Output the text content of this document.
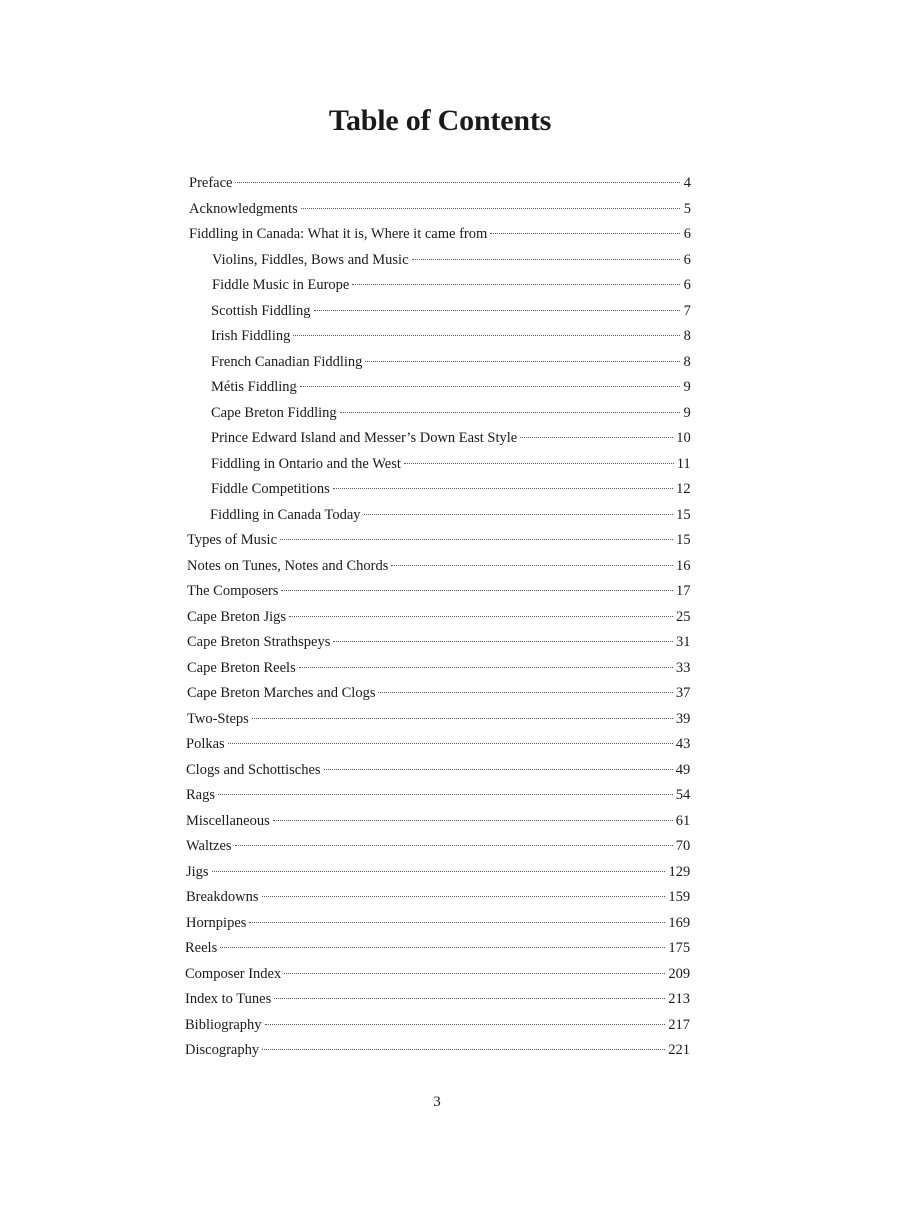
Table of Contents
Preface	4
Acknowledgments	5
Fiddling in Canada: What it is, Where it came from	6
Violins, Fiddles, Bows and Music	6
Fiddle Music in Europe	6
Scottish Fiddling	7
Irish Fiddling	8
French Canadian Fiddling	8
Métis Fiddling	9
Cape Breton Fiddling	9
Prince Edward Island and Messer’s Down East Style	10
Fiddling in Ontario and the West	11
Fiddle Competitions	12
Fiddling in Canada Today	15
Types of Music	15
Notes on Tunes, Notes and Chords	16
The Composers	17
Cape Breton Jigs	25
Cape Breton Strathspeys	31
Cape Breton Reels	33
Cape Breton Marches and Clogs	37
Two-Steps	39
Polkas	43
Clogs and Schottisches	49
Rags	54
Miscellaneous	61
Waltzes	70
Jigs	129
Breakdowns	159
Hornpipes	169
Reels	175
Composer Index	209
Index to Tunes	213
Bibliography	217
Discography	221
3
